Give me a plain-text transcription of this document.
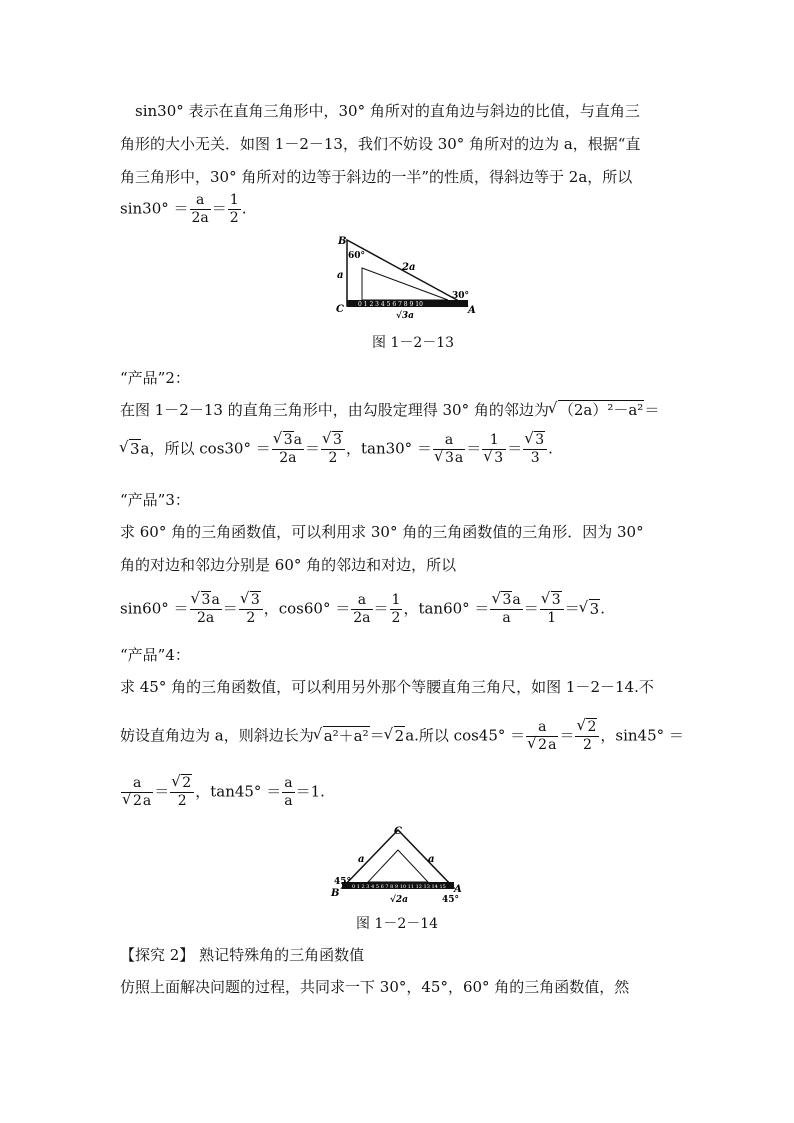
sin30° 表示在直角三角形中，30° 角所对的直角边与斜边的比值，与直角三
角形的大小无关．如图 1－2－13，我们不妨设 30° 角所对的边为 a，根据“直
角三角形中，30° 角所对的边等于斜边的一半”的性质，得斜边等于 2a，所以
$\sin 30^\circ = \frac{a}{2a} = \frac{1}{2}$ .
0 1 2 3 4 5 6 7 8 9 10
B
60°
a
2a
30°
C	A
√3a
图 1－2－13
“产品”2：
在图 1－2－13 的直角三角形中，由勾股定理得 30° 角的邻边为 √ （2a）²－a²＝
√ 3a，所以 cos30° ＝ √ $\frac{3a}{2a}$ ＝ √ $\frac{3}{2}$ ，tan30° ＝ a
√ 3a ＝ 1
√ 3 ＝ √ $\frac{3}{3}$ .
“产品”3：
求 60° 角的三角函数值，可以利用求 30° 角的三角函数值的三角形．因为 30°
角的对边和邻边分别是 60° 角的邻边和对边，所以
sin60° ＝ √ $\frac{3a}{2a}$ ＝ √ $\frac{3}{2}$ ，$\cos 60^\circ = \frac{a}{2a} = \frac{1}{2}$ ，tan60° ＝ √ $\frac{3a}{a}$ ＝ √ $\frac{3}{1}$ ＝ √ 3.
“产品”4：
求 45° 角的三角函数值，可以利用另外那个等腰直角三角尺，如图 1－2－14.不
妨设直角边为 a，则斜边长为 √ a²＋a²＝ √ 2a.所以 cos45° ＝ a
√ 2a ＝ √ $\frac{2}{2}$ ，sin45° ＝
a
√ 2a ＝ √ $\frac{2}{2}$ ，$\tan 45^\circ = \frac{a}{a} =1$.
0 1 2 3 4 5 6 7 8 9 10 11 12 13 14 15
C
a	a
45°
B	A
45°
√2a
图 1－2－14
【探究 2】 熟记特殊角的三角函数值
仿照上面解决问题的过程，共同求一下 30°，45°，60° 角的三角函数值，然
